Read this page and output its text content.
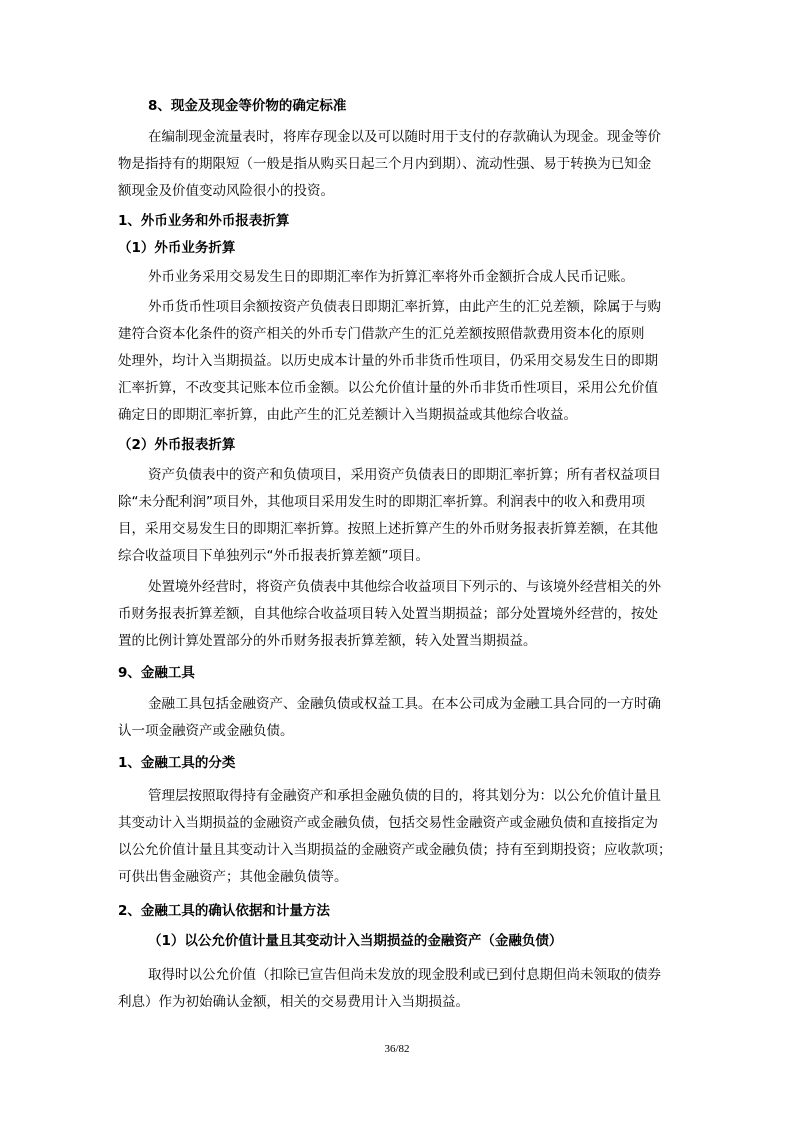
8、现金及现金等价物的确定标准
在编制现金流量表时，将库存现金以及可以随时用于支付的存款确认为现金。现金等价
物是指持有的期限短（一般是指从购买日起三个月内到期）、流动性强、易于转换为已知金
额现金及价值变动风险很小的投资。
1、外币业务和外币报表折算
（1）外币业务折算
外币业务采用交易发生日的即期汇率作为折算汇率将外币金额折合成人民币记账。
外币货币性项目余额按资产负债表日即期汇率折算，由此产生的汇兑差额，除属于与购
建符合资本化条件的资产相关的外币专门借款产生的汇兑差额按照借款费用资本化的原则
处理外，均计入当期损益。以历史成本计量的外币非货币性项目，仍采用交易发生日的即期
汇率折算，不改变其记账本位币金额。以公允价值计量的外币非货币性项目，采用公允价值
确定日的即期汇率折算，由此产生的汇兑差额计入当期损益或其他综合收益。
（2）外币报表折算
资产负债表中的资产和负债项目，采用资产负债表日的即期汇率折算；所有者权益项目
除“未分配利润”项目外，其他项目采用发生时的即期汇率折算。利润表中的收入和费用项
目，采用交易发生日的即期汇率折算。按照上述折算产生的外币财务报表折算差额，在其他
综合收益项目下单独列示“外币报表折算差额”项目。
处置境外经营时，将资产负债表中其他综合收益项目下列示的、与该境外经营相关的外
币财务报表折算差额，自其他综合收益项目转入处置当期损益；部分处置境外经营的，按处
置的比例计算处置部分的外币财务报表折算差额，转入处置当期损益。
9、金融工具
金融工具包括金融资产、金融负债或权益工具。在本公司成为金融工具合同的一方时确
认一项金融资产或金融负债。
1、金融工具的分类
管理层按照取得持有金融资产和承担金融负债的目的，将其划分为：以公允价值计量且
其变动计入当期损益的金融资产或金融负债，包括交易性金融资产或金融负债和直接指定为
以公允价值计量且其变动计入当期损益的金融资产或金融负债；持有至到期投资；应收款项；
可供出售金融资产；其他金融负债等。
2、金融工具的确认依据和计量方法
（1）以公允价值计量且其变动计入当期损益的金融资产（金融负债）
取得时以公允价值（扣除已宣告但尚未发放的现金股利或已到付息期但尚未领取的债券
利息）作为初始确认金额，相关的交易费用计入当期损益。
36/82
